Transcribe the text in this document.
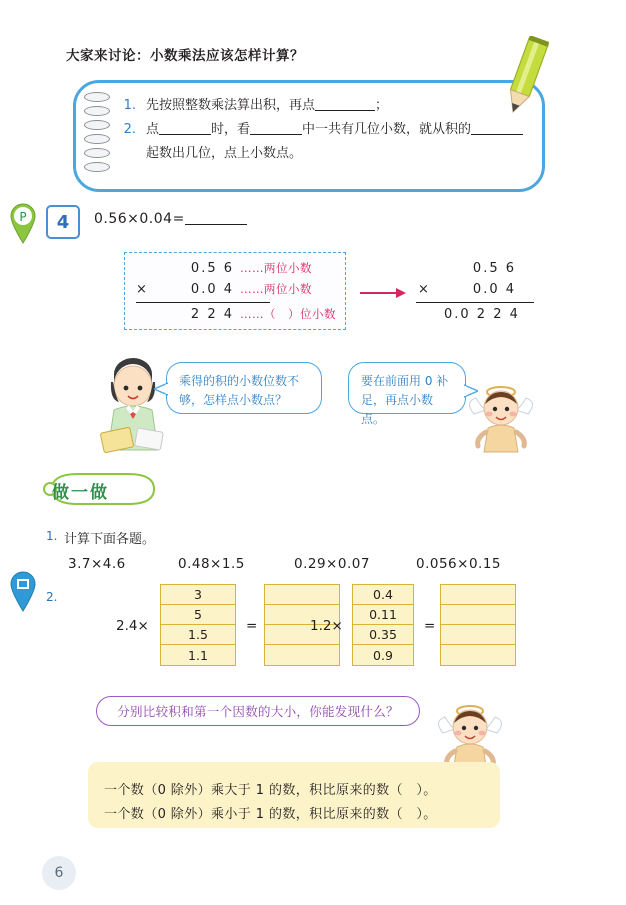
大家来讨论：小数乘法应该怎样计算？
1. 先按照整数乘法算出积，再点	；
2. 点	时，看	中一共有几位小数，就从积的
起数出几位，点上小数点。
P	4	0.56×0.04=
0.5 6 ……两位小数
×	0.0 4 ……两位小数
2 2 4 ……（　）位小数
0.5 6
×	0.0 4
0.0 2 2 4
乘得的积的小数位数不够，怎样点小数点？
要在前面用 0 补足，再点小数点。
做一做
1. 计算下面各题。
3.7×4.6	0.48×1.5	0.29×0.07	0.056×0.15
2.
2.4×
3
5
1.5
1.1
=	1.2×
0.4
0.11
0.35
0.9
=
分别比较积和第一个因数的大小，你能发现什么？
一个数（0 除外）乘大于 1 的数，积比原来的数（　）。
一个数（0 除外）乘小于 1 的数，积比原来的数（　）。
6
